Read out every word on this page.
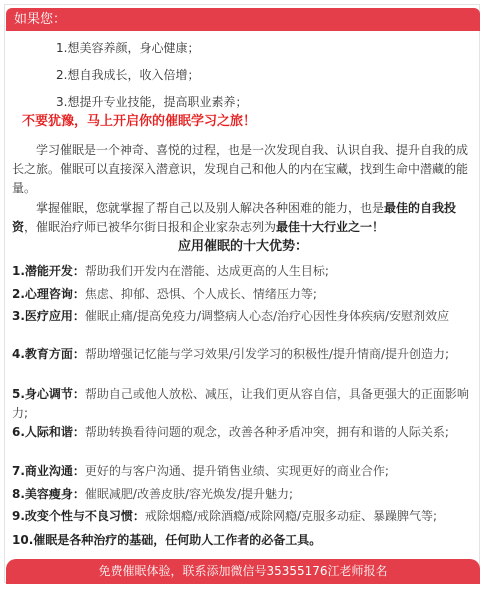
如果您：
1.想美容养颜，身心健康；
2.想自我成长，收入倍增；
3.想提升专业技能，提高职业素养；
不要犹豫，马上开启你的催眠学习之旅！
学习催眠是一个神奇、喜悦的过程，也是一次发现自我、认识自我、提升自我的成长之旅。催眠可以直接深入潜意识，发现自己和他人的内在宝藏，找到生命中潜藏的能量。
掌握催眠，您就掌握了帮自己以及别人解决各种困难的能力，也是最佳的自我投资，催眠治疗师已被华尔街日报和企业家杂志列为最佳十大行业之一！
应用催眠的十大优势：
1.潜能开发：帮助我们开发内在潜能、达成更高的人生目标;
2.心理咨询：焦虑、抑郁、恐惧、个人成长、情绪压力等;
3.医疗应用：催眠止痛/提高免疫力/调整病人心态/治疗心因性身体疾病/安慰剂效应
4.教育方面：帮助增强记忆能与学习效果/引发学习的积极性/提升情商/提升创造力;
5.身心调节：帮助自己或他人放松、减压，让我们更从容自信，具备更强大的正面影响力;
6.人际和谐：帮助转换看待问题的观念，改善各种矛盾冲突，拥有和谐的人际关系;
7.商业沟通：更好的与客户沟通、提升销售业绩、实现更好的商业合作;
8.美容瘦身：催眠减肥/改善皮肤/容光焕发/提升魅力;
9.改变个性与不良习惯：戒除烟瘾/戒除酒瘾/戒除网瘾/克服多动症、暴躁脾气等;
10.催眠是各种治疗的基础，任何助人工作者的必备工具。
免费催眠体验，联系添加微信号35355176江老师报名
